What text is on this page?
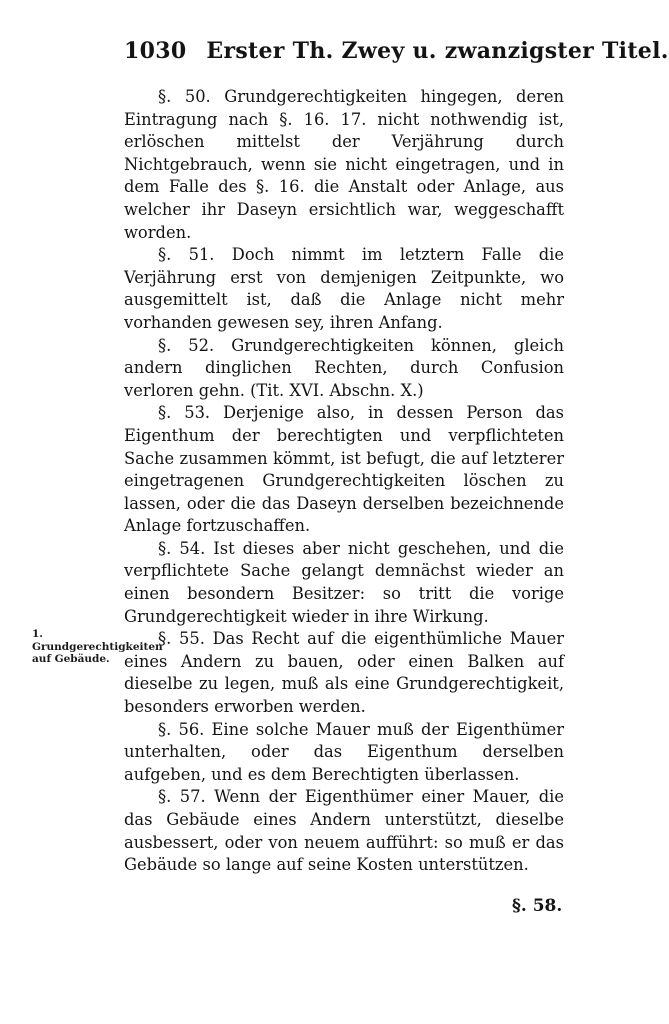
1030 Erster Th. Zwey u. zwanzigster Titel.

§. 50. Grundgerechtigkeiten hingegen, deren Eintragung nach §. 16. 17. nicht nothwendig ist, erlöschen mittelst der Verjährung durch Nichtgebrauch, wenn sie nicht eingetragen, und in dem Falle des §. 16. die Anstalt oder Anlage, aus welcher ihr Daseyn ersichtlich war, weggeschafft worden.

§. 51. Doch nimmt im letztern Falle die Verjährung erst von demjenigen Zeitpunkte, wo ausgemittelt ist, daß die Anlage nicht mehr vorhanden gewesen sey, ihren Anfang.

§. 52. Grundgerechtigkeiten können, gleich andern dinglichen Rechten, durch Confusion verloren gehn. (Tit. XVI. Abschn. X.)

§. 53. Derjenige also, in dessen Person das Eigenthum der berechtigten und verpflichteten Sache zusammen kömmt, ist befugt, die auf letzterer eingetragenen Grundgerechtigkeiten löschen zu lassen, oder die das Daseyn derselben bezeichnende Anlage fortzuschaffen.

§. 54. Ist dieses aber nicht geschehen, und die verpflichtete Sache gelangt demnächst wieder an einen besondern Besitzer: so tritt die vorige Grundgerechtigkeit wieder in ihre Wirkung.

§. 55. Das Recht auf die eigenthümliche Mauer eines Andern zu bauen, oder einen Balken auf dieselbe zu legen, muß als eine Grundgerechtigkeit, besonders erworben werden.

§. 56. Eine solche Mauer muß der Eigenthümer unterhalten, oder das Eigenthum derselben aufgeben, und es dem Berechtigten überlassen.

§. 57. Wenn der Eigenthümer einer Mauer, die das Gebäude eines Andern unterstützt, dieselbe ausbessert, oder von neuem aufführt: so muß er das Gebäude so lange auf seine Kosten unterstützen.

1. Grundgerechtigkeiten auf Gebäude.
§. 58.
